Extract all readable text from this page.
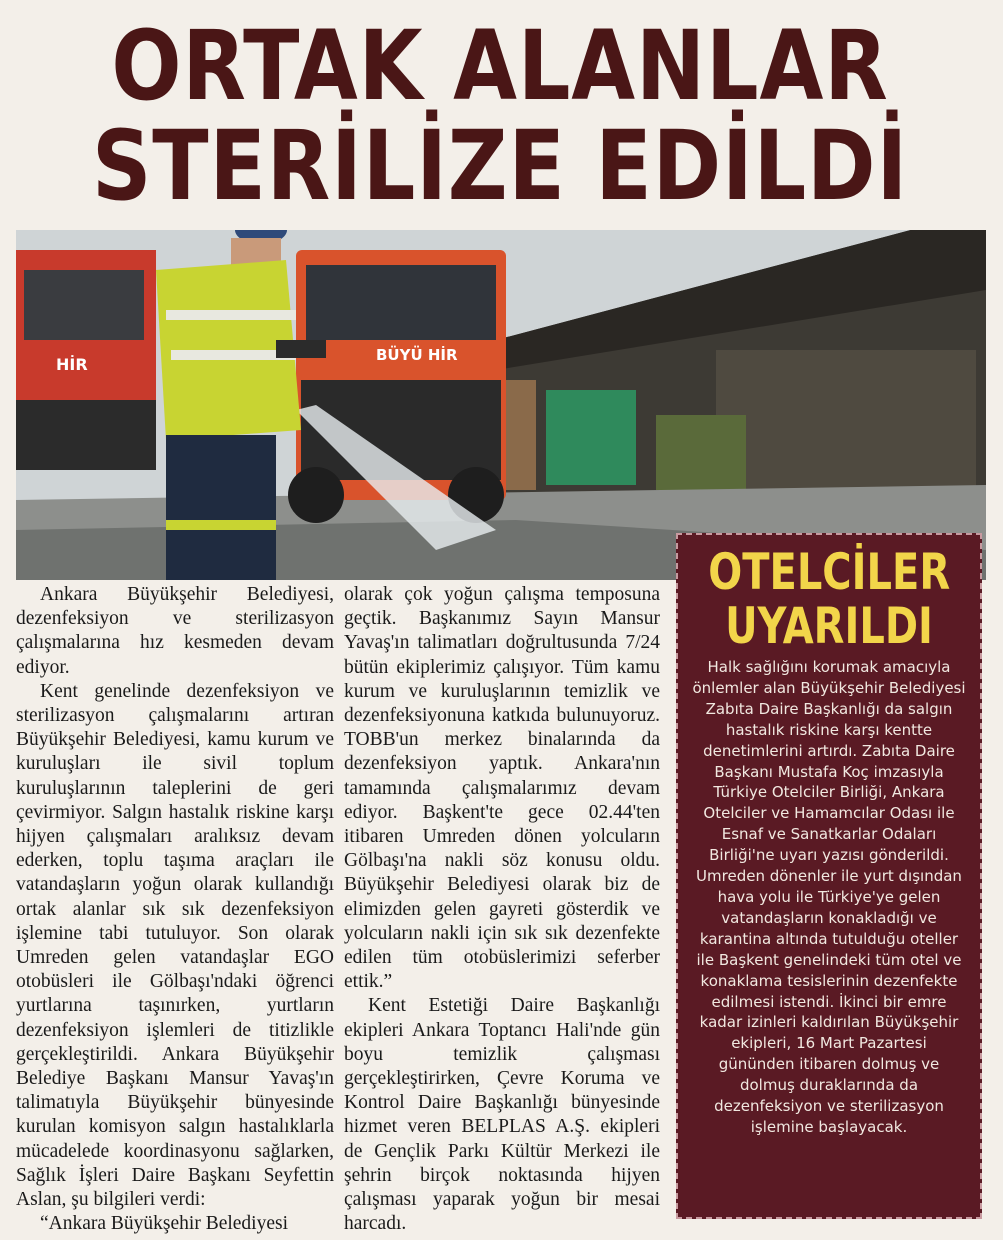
ORTAK ALANLAR
STERİLİZE EDİLDİ
HİR	BÜYÜ HİR

Ankara Büyükşehir Belediyesi, dezenfeksiyon ve sterilizasyon çalışmalarına hız kesmeden devam ediyor.

Kent genelinde dezenfeksiyon ve sterilizasyon çalışmalarını artıran Büyükşehir Belediyesi, kamu kurum ve kuruluşları ile sivil toplum kuruluşlarının taleplerini de geri çevirmiyor. Salgın hastalık riskine karşı hijyen çalışmaları aralıksız devam ederken, toplu taşıma araçları ile vatandaşların yoğun olarak kullandığı ortak alanlar sık sık dezenfeksiyon işlemine tabi tutuluyor. Son olarak Umreden gelen vatandaşlar EGO otobüsleri ile Gölbaşı'ndaki öğrenci yurtlarına taşınırken, yurtların dezenfeksiyon işlemleri de titizlikle gerçekleştirildi. Ankara Büyükşehir Belediye Başkanı Mansur Yavaş'ın talimatıyla Büyükşehir bünyesinde kurulan komisyon salgın hastalıklarla mücadelede koordinasyonu sağlarken, Sağlık İşleri Daire Başkanı Seyfettin Aslan, şu bilgileri verdi:

“Ankara Büyükşehir Belediyesi

olarak çok yoğun çalışma temposuna geçtik. Başkanımız Sayın Mansur Yavaş'ın talimatları doğrultusunda 7/24 bütün ekiplerimiz çalışıyor. Tüm kamu kurum ve kuruluşlarının temizlik ve dezenfeksiyonuna katkıda bulunuyoruz. TOBB'un merkez binalarında da dezenfeksiyon yaptık. Ankara'nın tamamında çalışmalarımız devam ediyor. Başkent'te gece 02.44'ten itibaren Umreden dönen yolcuların Gölbaşı'na nakli söz konusu oldu. Büyükşehir Belediyesi olarak biz de elimizden gelen gayreti gösterdik ve yolcuların nakli için sık sık dezenfekte edilen tüm otobüslerimizi seferber ettik.”

Kent Estetiği Daire Başkanlığı ekipleri Ankara Toptancı Hali'nde gün boyu temizlik çalışması gerçekleştirirken, Çevre Koruma ve Kontrol Daire Başkanlığı bünyesinde hizmet veren BELPLAS A.Ş. ekipleri de Gençlik Parkı Kültür Merkezi ile şehrin birçok noktasında hijyen çalışması yaparak yoğun bir mesai harcadı.

OTELCİLER
UYARILDI
Halk sağlığını korumak amacıyla önlemler alan Büyükşehir Belediyesi Zabıta Daire Başkanlığı da salgın hastalık riskine karşı kentte denetimlerini artırdı. Zabıta Daire Başkanı Mustafa Koç imzasıyla Türkiye Otelciler Birliği, Ankara Otelciler ve Hamamcılar Odası ile Esnaf ve Sanatkarlar Odaları Birliği'ne uyarı yazısı gönderildi. Umreden dönenler ile yurt dışından hava yolu ile Türkiye'ye gelen vatandaşların konakladığı ve karantina altında tutulduğu oteller ile Başkent genelindeki tüm otel ve konaklama tesislerinin dezenfekte edilmesi istendi. İkinci bir emre kadar izinleri kaldırılan Büyükşehir ekipleri, 16 Mart Pazartesi gününden itibaren dolmuş ve dolmuş duraklarında da dezenfeksiyon ve sterilizasyon işlemine başlayacak.
